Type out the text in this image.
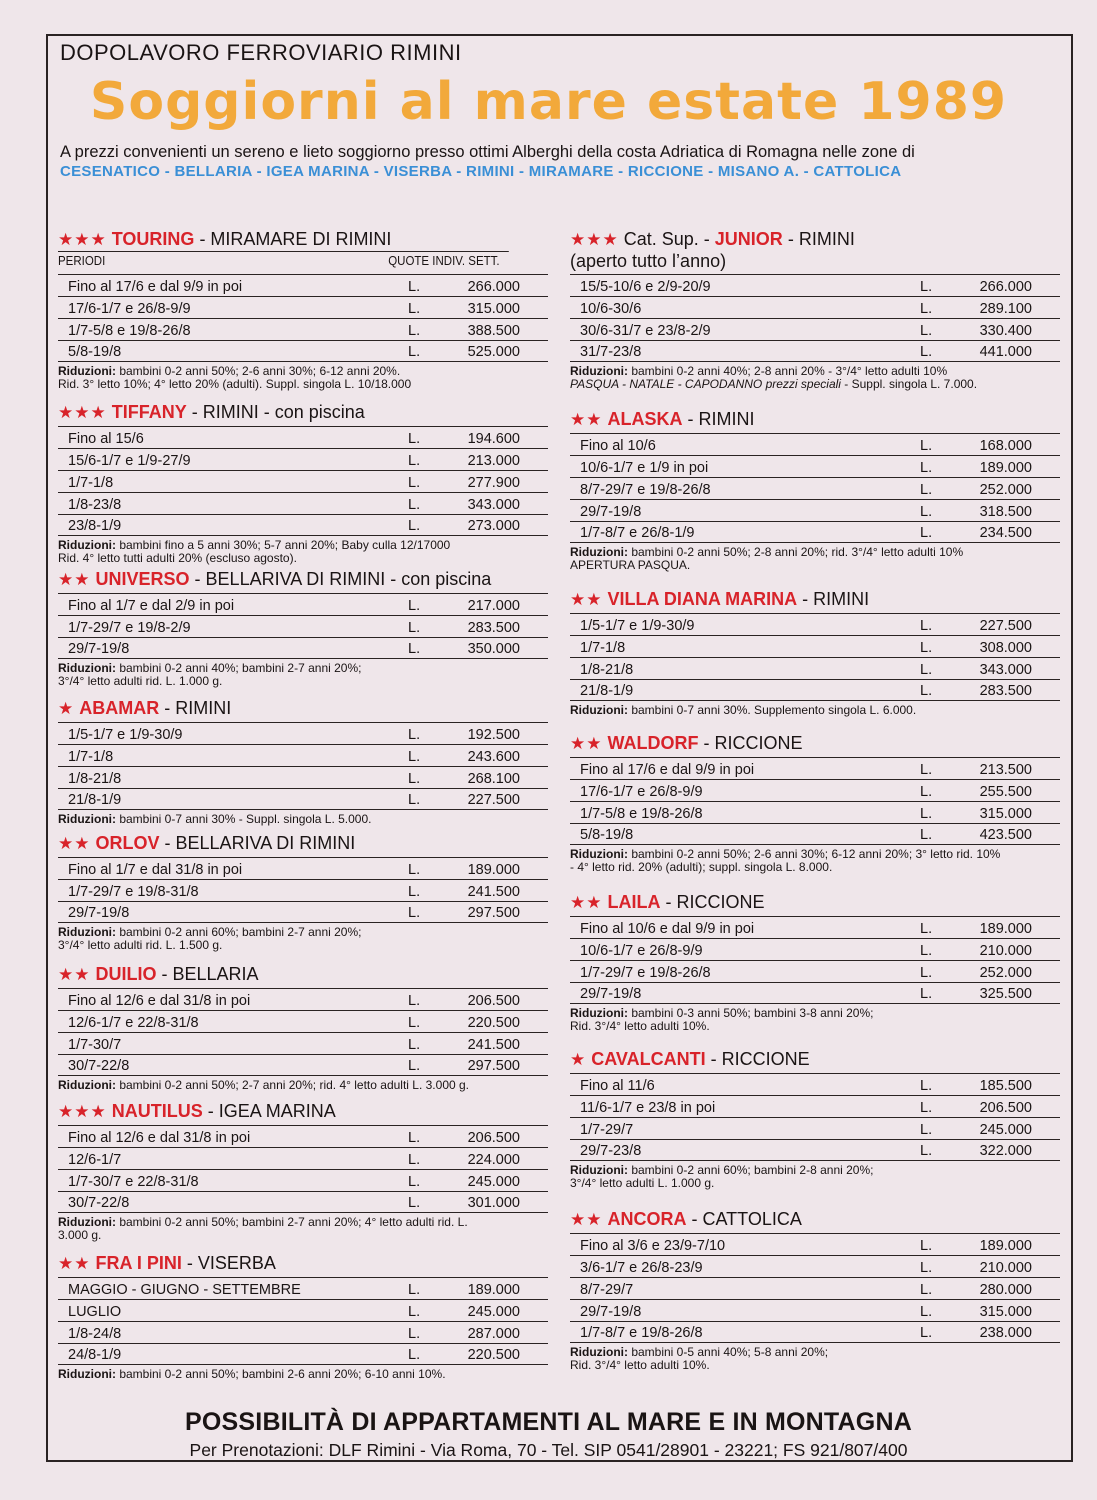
DOPOLAVORO FERROVIARIO RIMINI
Soggiorni al mare estate 1989
A prezzi convenienti un sereno e lieto soggiorno presso ottimi Alberghi della costa Adriatica di Romagna nelle zone di
CESENATICO - BELLARIA - IGEA MARINA - VISERBA - RIMINI - MIRAMARE - RICCIONE - MISANO A. - CATTOLICA
★★★ TOURING - MIRAMARE DI RIMINI
PERIODI	QUOTE INDIV. SETT.
Fino al 17/6 e dal 9/9 in poi	L.	266.000
17/6-1/7 e 26/8-9/9	L.	315.000
1/7-5/8 e 19/8-26/8	L.	388.500
5/8-19/8	L.	525.000
Riduzioni: bambini 0-2 anni 50%; 2-6 anni 30%; 6-12 anni 20%.
Rid. 3° letto 10%; 4° letto 20% (adulti). Suppl. singola L. 10/18.000
★★★ TIFFANY - RIMINI - con piscina
Fino al 15/6	L.	194.600
15/6-1/7 e 1/9-27/9	L.	213.000
1/7-1/8	L.	277.900
1/8-23/8	L.	343.000
23/8-1/9	L.	273.000
Riduzioni: bambini fino a 5 anni 30%; 5-7 anni 20%; Baby culla 12/17000
Rid. 4° letto tutti adulti 20% (escluso agosto).
★★ UNIVERSO - BELLARIVA DI RIMINI - con piscina
Fino al 1/7 e dal 2/9 in poi	L.	217.000
1/7-29/7 e 19/8-2/9	L.	283.500
29/7-19/8	L.	350.000
Riduzioni: bambini 0-2 anni 40%; bambini 2-7 anni 20%;
3°/4° letto adulti rid. L. 1.000 g.
★ ABAMAR - RIMINI
1/5-1/7 e 1/9-30/9	L.	192.500
1/7-1/8	L.	243.600
1/8-21/8	L.	268.100
21/8-1/9	L.	227.500
Riduzioni: bambini 0-7 anni 30% - Suppl. singola L. 5.000.
★★ ORLOV - BELLARIVA DI RIMINI
Fino al 1/7 e dal 31/8 in poi	L.	189.000
1/7-29/7 e 19/8-31/8	L.	241.500
29/7-19/8	L.	297.500
Riduzioni: bambini 0-2 anni 60%; bambini 2-7 anni 20%;
3°/4° letto adulti rid. L. 1.500 g.
★★ DUILIO - BELLARIA
Fino al 12/6 e dal 31/8 in poi	L.	206.500
12/6-1/7 e 22/8-31/8	L.	220.500
1/7-30/7	L.	241.500
30/7-22/8	L.	297.500
Riduzioni: bambini 0-2 anni 50%; 2-7 anni 20%; rid. 4° letto adulti L. 3.000 g.
★★★ NAUTILUS - IGEA MARINA
Fino al 12/6 e dal 31/8 in poi	L.	206.500
12/6-1/7	L.	224.000
1/7-30/7 e 22/8-31/8	L.	245.000
30/7-22/8	L.	301.000
Riduzioni: bambini 0-2 anni 50%; bambini 2-7 anni 20%; 4° letto adulti rid. L.
3.000 g.
★★ FRA I PINI - VISERBA
MAGGIO - GIUGNO - SETTEMBRE	L.	189.000
LUGLIO	L.	245.000
1/8-24/8	L.	287.000
24/8-1/9	L.	220.500
Riduzioni: bambini 0-2 anni 50%; bambini 2-6 anni 20%; 6-10 anni 10%.
★★★ Cat. Sup. - JUNIOR - RIMINI
(aperto tutto l’anno)
15/5-10/6 e 2/9-20/9	L.	266.000
10/6-30/6	L.	289.100
30/6-31/7 e 23/8-2/9	L.	330.400
31/7-23/8	L.	441.000
Riduzioni: bambini 0-2 anni 40%; 2-8 anni 20% - 3°/4° letto adulti 10%
PASQUA - NATALE - CAPODANNO prezzi speciali - Suppl. singola L. 7.000.
★★ ALASKA - RIMINI
Fino al 10/6	L.	168.000
10/6-1/7 e 1/9 in poi	L.	189.000
8/7-29/7 e 19/8-26/8	L.	252.000
29/7-19/8	L.	318.500
1/7-8/7 e 26/8-1/9	L.	234.500
Riduzioni: bambini 0-2 anni 50%; 2-8 anni 20%; rid. 3°/4° letto adulti 10%
APERTURA PASQUA.
★★ VILLA DIANA MARINA - RIMINI
1/5-1/7 e 1/9-30/9	L.	227.500
1/7-1/8	L.	308.000
1/8-21/8	L.	343.000
21/8-1/9	L.	283.500
Riduzioni: bambini 0-7 anni 30%. Supplemento singola L. 6.000.
★★ WALDORF - RICCIONE
Fino al 17/6 e dal 9/9 in poi	L.	213.500
17/6-1/7 e 26/8-9/9	L.	255.500
1/7-5/8 e 19/8-26/8	L.	315.000
5/8-19/8	L.	423.500
Riduzioni: bambini 0-2 anni 50%; 2-6 anni 30%; 6-12 anni 20%; 3° letto rid. 10%
- 4° letto rid. 20% (adulti); suppl. singola L. 8.000.
★★ LAILA - RICCIONE
Fino al 10/6 e dal 9/9 in poi	L.	189.000
10/6-1/7 e 26/8-9/9	L.	210.000
1/7-29/7 e 19/8-26/8	L.	252.000
29/7-19/8	L.	325.500
Riduzioni: bambini 0-3 anni 50%; bambini 3-8 anni 20%;
Rid. 3°/4° letto adulti 10%.
★ CAVALCANTI - RICCIONE
Fino al 11/6	L.	185.500
11/6-1/7 e 23/8 in poi	L.	206.500
1/7-29/7	L.	245.000
29/7-23/8	L.	322.000
Riduzioni: bambini 0-2 anni 60%; bambini 2-8 anni 20%;
3°/4° letto adulti L. 1.000 g.
★★ ANCORA - CATTOLICA
Fino al 3/6 e 23/9-7/10	L.	189.000
3/6-1/7 e 26/8-23/9	L.	210.000
8/7-29/7	L.	280.000
29/7-19/8	L.	315.000
1/7-8/7 e 19/8-26/8	L.	238.000
Riduzioni: bambini 0-5 anni 40%; 5-8 anni 20%;
Rid. 3°/4° letto adulti 10%.
POSSIBILITÀ DI APPARTAMENTI AL MARE E IN MONTAGNA
Per Prenotazioni: DLF Rimini - Via Roma, 70 - Tel. SIP 0541/28901 - 23221; FS 921/807/400
